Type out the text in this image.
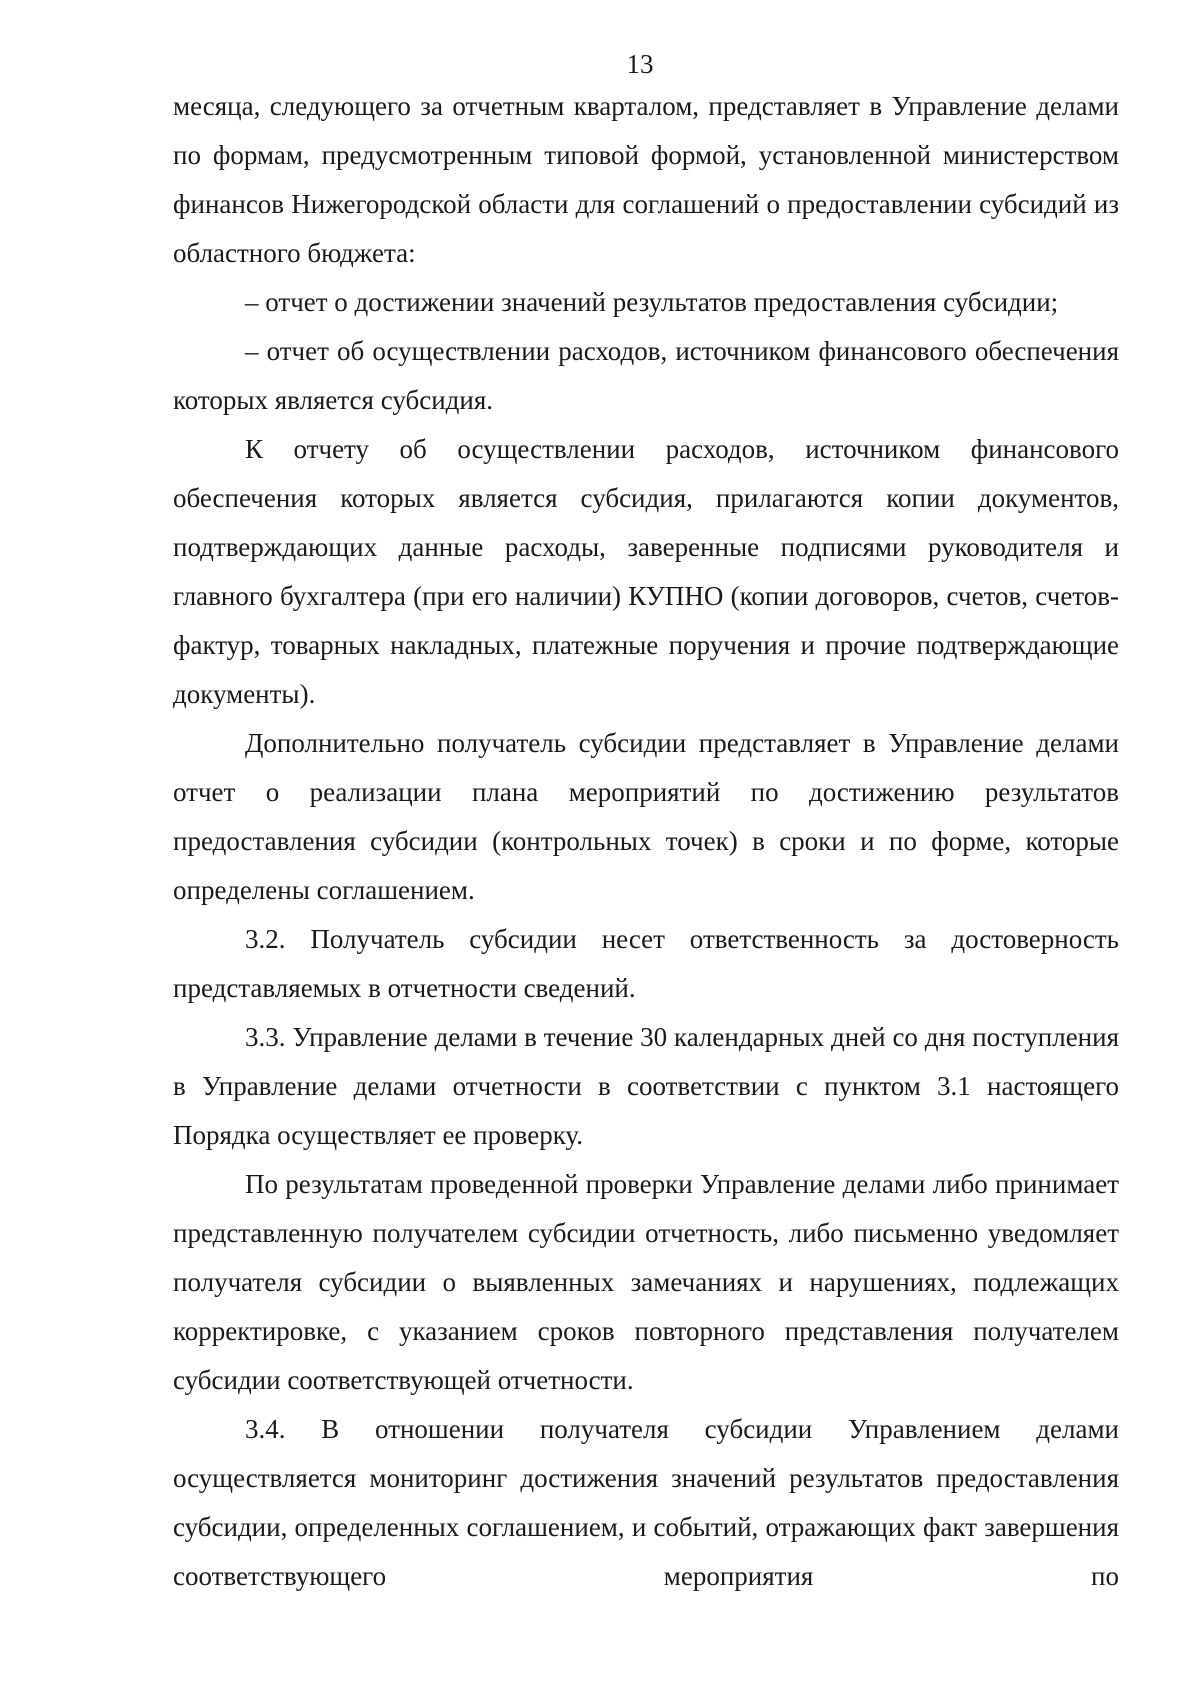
13

месяца, следующего за отчетным кварталом, представляет в Управление делами по формам, предусмотренным типовой формой, установленной министерством финансов Нижегородской области для соглашений о предоставлении субсидий из областного бюджета:

– отчет о достижении значений результатов предоставления субсидии;

– отчет об осуществлении расходов, источником финансового обеспечения которых является субсидия.

К отчету об осуществлении расходов, источником финансового обеспечения которых является субсидия, прилагаются копии документов, подтверждающих данные расходы, заверенные подписями руководителя и главного бухгалтера (при его наличии) КУПНО (копии договоров, счетов, счетов-фактур, товарных накладных, платежные поручения и прочие подтверждающие документы).

Дополнительно получатель субсидии представляет в Управление делами отчет о реализации плана мероприятий по достижению результатов предоставления субсидии (контрольных точек) в сроки и по форме, которые определены соглашением.

3.2. Получатель субсидии несет ответственность за достоверность представляемых в отчетности сведений.

3.3. Управление делами в течение 30 календарных дней со дня поступления в Управление делами отчетности в соответствии с пунктом 3.1 настоящего Порядка осуществляет ее проверку.

По результатам проведенной проверки Управление делами либо принимает представленную получателем субсидии отчетность, либо письменно уведомляет получателя субсидии о выявленных замечаниях и нарушениях, подлежащих корректировке, с указанием сроков повторного представления получателем субсидии соответствующей отчетности.

3.4. В отношении получателя субсидии Управлением делами осуществляется мониторинг достижения значений результатов предоставления субсидии, определенных соглашением, и событий, отражающих факт завершения соответствующего мероприятия по
